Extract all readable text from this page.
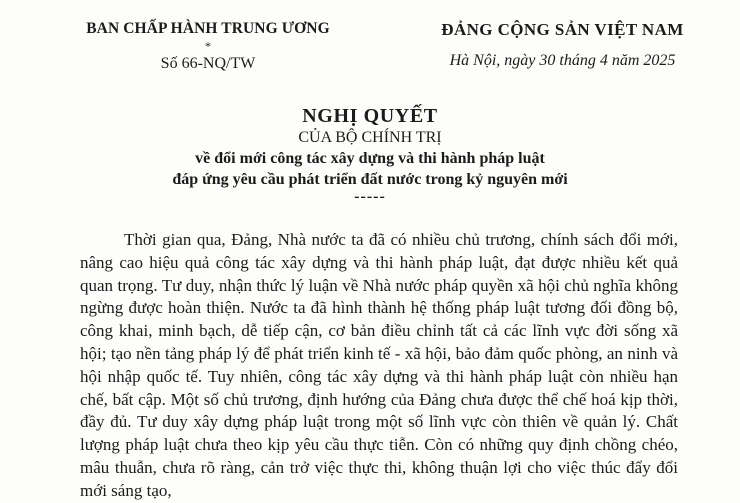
BAN CHẤP HÀNH TRUNG ƯƠNG
*
Số 66-NQ/TW
ĐẢNG CỘNG SẢN VIỆT NAM
Hà Nội, ngày 30 tháng 4 năm 2025
NGHỊ QUYẾT
CỦA BỘ CHÍNH TRỊ
về đổi mới công tác xây dựng và thi hành pháp luật
đáp ứng yêu cầu phát triển đất nước trong kỷ nguyên mới
-----

Thời gian qua, Đảng, Nhà nước ta đã có nhiều chủ trương, chính sách đổi mới, nâng cao hiệu quả công tác xây dựng và thi hành pháp luật, đạt được nhiều kết quả quan trọng. Tư duy, nhận thức lý luận về Nhà nước pháp quyền xã hội chủ nghĩa không ngừng được hoàn thiện. Nước ta đã hình thành hệ thống pháp luật tương đối đồng bộ, công khai, minh bạch, dễ tiếp cận, cơ bản điều chỉnh tất cả các lĩnh vực đời sống xã hội; tạo nền tảng pháp lý để phát triển kinh tế - xã hội, bảo đảm quốc phòng, an ninh và hội nhập quốc tế. Tuy nhiên, công tác xây dựng và thi hành pháp luật còn nhiều hạn chế, bất cập. Một số chủ trương, định hướng của Đảng chưa được thể chế hoá kịp thời, đầy đủ. Tư duy xây dựng pháp luật trong một số lĩnh vực còn thiên về quản lý. Chất lượng pháp luật chưa theo kịp yêu cầu thực tiễn. Còn có những quy định chồng chéo, mâu thuẫn, chưa rõ ràng, cản trở việc thực thi, không thuận lợi cho việc thúc đẩy đổi mới sáng tạo,
